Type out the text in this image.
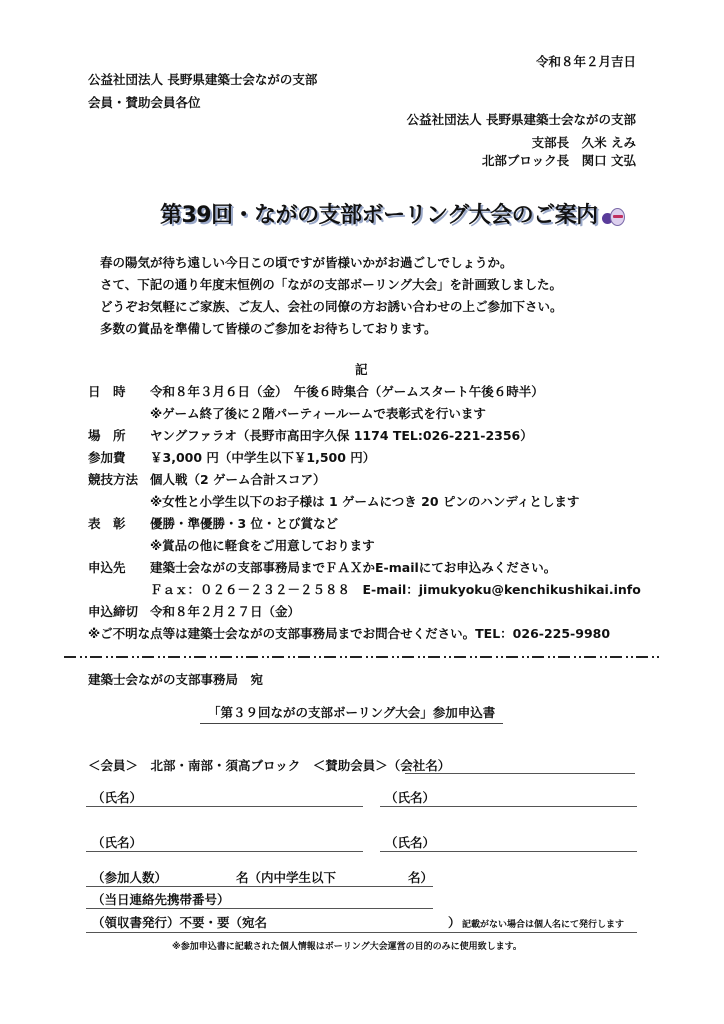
令和８年２月吉日
公益社団法人 長野県建築士会ながの支部
会員・賛助会員各位
公益社団法人 長野県建築士会ながの支部
支部長　久米 えみ
北部ブロック長　関口 文弘
第39回・ながの支部ボーリング大会のご案内
春の陽気が待ち遠しい今日この頃ですが皆様いかがお過ごしでしょうか。
さて、下記の通り年度末恒例の「ながの支部ボーリング大会」を計画致しました。
どうぞお気軽にご家族、ご友人、会社の同僚の方お誘い合わせの上ご参加下さい。
多数の賞品を準備して皆様のご参加をお待ちしております。
記
日　時 令和８年３月６日（金）　午後６時集合（ゲームスタート午後６時半）
※ゲーム終了後に２階パーティールームで表彰式を行います
場　所 ヤングファラオ（長野市高田字久保 1174 TEL:026-221-2356）
参加費 ￥3,000 円（中学生以下￥1,500 円）
競技方法 個人戦（2 ゲーム合計スコア）
※女性と小学生以下のお子様は 1 ゲームにつき 20 ピンのハンディとします
表　彰 優勝・準優勝・3 位・とび賞など
※賞品の他に軽食をご用意しております
申込先 建築士会ながの支部事務局までＦＡＸかE-mailにてお申込みください。
Ｆａｘ：０２６－２３２－２５８８　E-mail：jimukyoku@kenchikushikai.info
申込締切 令和８年２月２７日（金）
※ご不明な点等は建築士会ながの支部事務局までお問合せください。TEL：026-225-9980
建築士会ながの支部事務局　宛
「第３９回ながの支部ボーリング大会」参加申込書
＜会員＞　北部・南部・須高ブロック　＜賛助会員＞（会社名）
（氏名）	（氏名）
（氏名）	（氏名）
（参加人数）	名（内中学生以下	名）
（当日連絡先携帯番号）
（領収書発行）不要・要（宛名	） 記載がない場合は個人名にて発行します
※参加申込書に記載された個人情報はボーリング大会運営の目的のみに使用致します。
